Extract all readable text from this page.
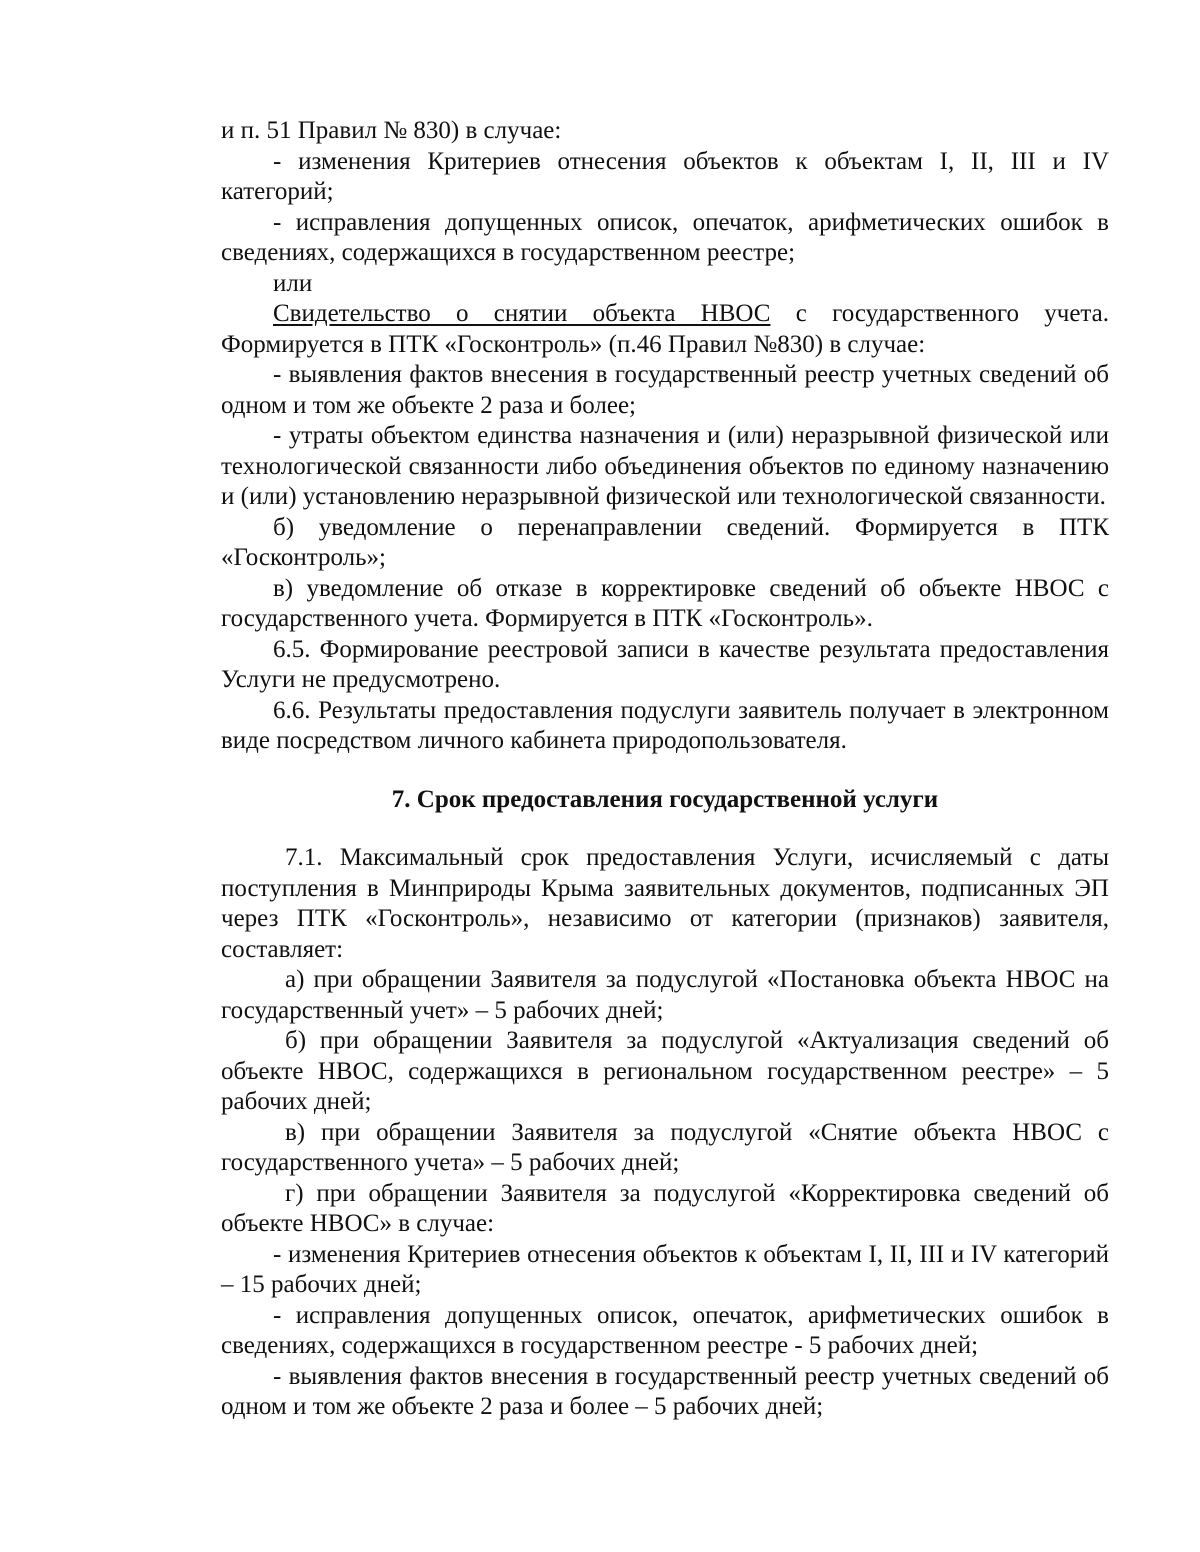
и п. 51 Правил № 830) в случае:

- изменения Критериев отнесения объектов к объектам I, II, III и IV категорий;

- исправления допущенных описок, опечаток, арифметических ошибок в сведениях, содержащихся в государственном реестре;

или

Свидетельство о снятии объекта НВОС с государственного учета. Формируется в ПТК «Госконтроль» (п.46 Правил №830) в случае:

- выявления фактов внесения в государственный реестр учетных сведений об одном и том же объекте 2 раза и более;

- утраты объектом единства назначения и (или) неразрывной физической или технологической связанности либо объединения объектов по единому назначению и (или) установлению неразрывной физической или технологической связанности.

б) уведомление о перенаправлении сведений. Формируется в ПТК «Госконтроль»;

в) уведомление об отказе в корректировке сведений об объекте НВОС с государственного учета. Формируется в ПТК «Госконтроль».

6.5. Формирование реестровой записи в качестве результата предоставления Услуги не предусмотрено.

6.6. Результаты предоставления подуслуги заявитель получает в электронном виде посредством личного кабинета природопользователя.

7. Срок предоставления государственной услуги

7.1. Максимальный срок предоставления Услуги, исчисляемый с даты поступления в Минприроды Крыма заявительных документов, подписанных ЭП через ПТК «Госконтроль», независимо от категории (признаков) заявителя, составляет:

а) при обращении Заявителя за подуслугой «Постановка объекта НВОС на государственный учет» – 5 рабочих дней;

б) при обращении Заявителя за подуслугой «Актуализация сведений об объекте НВОС, содержащихся в региональном государственном реестре» – 5 рабочих дней;

в) при обращении Заявителя за подуслугой «Снятие объекта НВОС с государственного учета» – 5 рабочих дней;

г) при обращении Заявителя за подуслугой «Корректировка сведений об объекте НВОС» в случае:

- изменения Критериев отнесения объектов к объектам I, II, III и IV категорий – 15 рабочих дней;

- исправления допущенных описок, опечаток, арифметических ошибок в сведениях, содержащихся в государственном реестре - 5 рабочих дней;

- выявления фактов внесения в государственный реестр учетных сведений об одном и том же объекте 2 раза и более – 5 рабочих дней;
